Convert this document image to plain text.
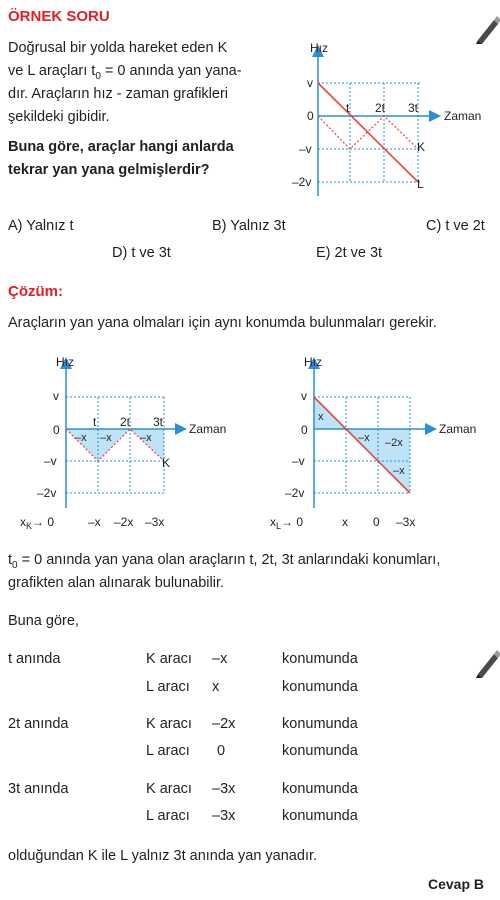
ÖRNEK SORU
Doğrusal bir yolda hareket eden K
ve L araçları $t_0 = 0$ anında yan yana-
dır. Araçların hız - zaman grafikleri
şekildeki gibidir.
Buna göre, araçlar hangi anlarda
tekrar yan yana gelmişlerdir?
Hız
v
0
–v
–2v
t 2t 3t
Zaman
K
L
A) Yalnız t	B) Yalnız 3t	C) t ve 2t
D) t ve 3t	E) 2t ve 3t
Çözüm:
Araçların yan yana olmaları için aynı konumda bulunmaları gerekir.
Hız
v
0
–v
–2v
t 2t 3t Zaman
–x –x	–x
K
$x_K\to 0$	–x –2x –3x
Hız
v
0
–v
–2v
Zaman
x
–x –2x
–x
$x_L\to 0$	x 0 –3x
$t_0 = 0$ anında yan yana olan araçların t, 2t, 3t anlarındaki konumları,
grafikten alan alınarak bulunabilir.
Buna göre,
t anında	K aracı –x	konumunda
L aracı x	konumunda
2t anında	K aracı –2x	konumunda
L aracı 0	konumunda
3t anında	K aracı –3x	konumunda
L aracı –3x	konumunda
olduğundan K ile L yalnız 3t anında yan yanadır.
Cevap B
